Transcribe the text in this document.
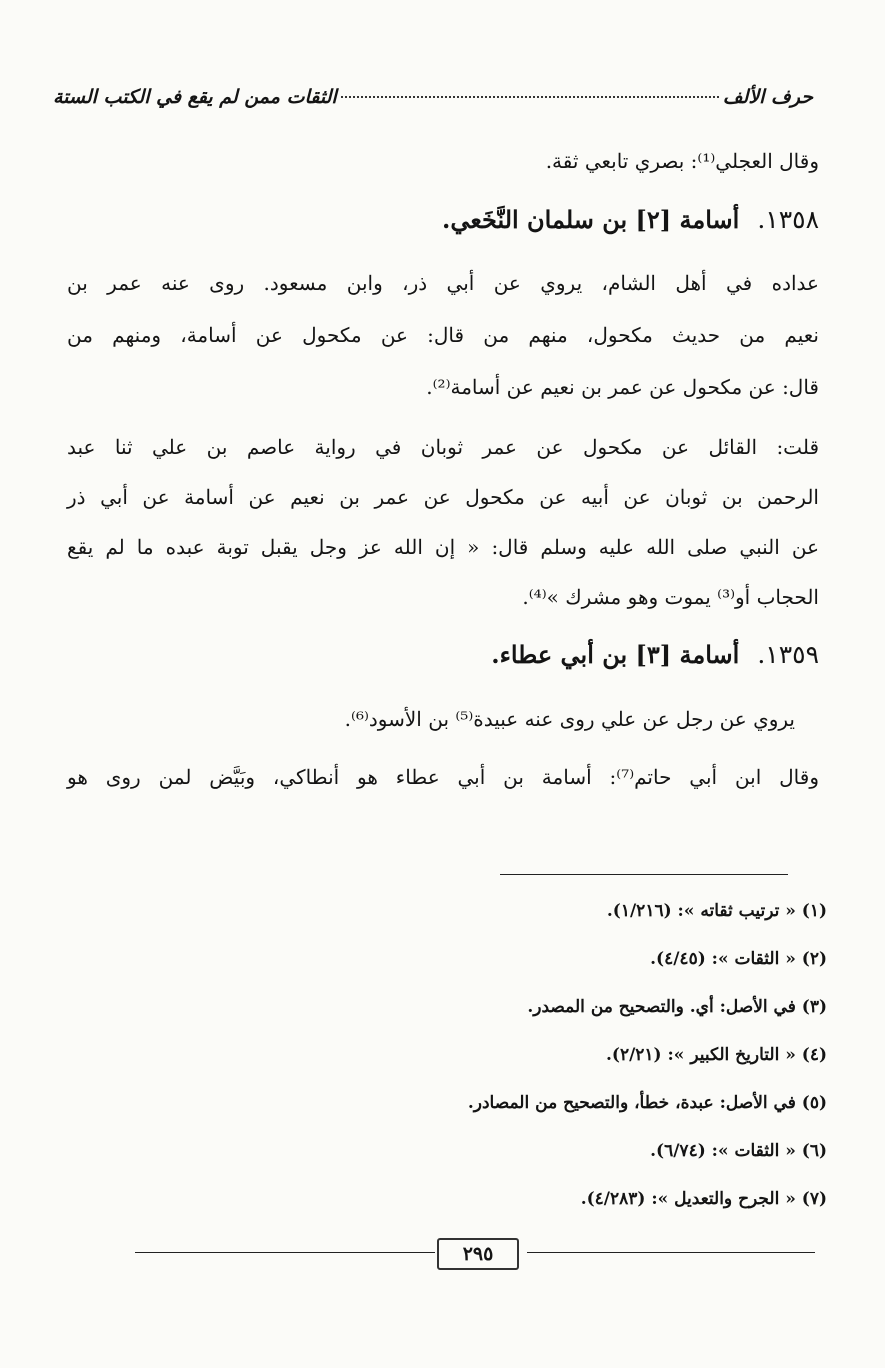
حرف الألف
الثقات ممن لم يقع في الكتب الستة
وقال العجلي⁽¹⁾: بصري تابعي ثقة.
١٣٥٨.أسامة [٢] بن سلمان النَّخَعي.
عداده في أهل الشام، يروي عن أبي ذر، وابن مسعود. روى عنه عمر بن
نعيم من حديث مكحول، منهم من قال: عن مكحول عن أسامة، ومنهم من
قال: عن مكحول عن عمر بن نعيم عن أسامة⁽²⁾.
قلت: القائل عن مكحول عن عمر ثوبان في رواية عاصم بن علي ثنا عبد
الرحمن بن ثوبان عن أبيه عن مكحول عن عمر بن نعيم عن أسامة عن أبي ذر
عن النبي صلى الله عليه وسلم قال: « إن الله عز وجل يقبل توبة عبده ما لم يقع
الحجاب أو⁽³⁾ يموت وهو مشرك »⁽⁴⁾.
١٣٥٩.أسامة [٣] بن أبي عطاء.
يروي عن رجل عن علي روى عنه عبيدة⁽⁵⁾ بن الأسود⁽⁶⁾.
وقال ابن أبي حاتم⁽⁷⁾: أسامة بن أبي عطاء هو أنطاكي، وبَيَّض لمن روى هو
(١) « ترتيب ثقاته »: (١/٢١٦).
(٢) « الثقات »: (٤/٤٥).
(٣) في الأصل: أي. والتصحيح من المصدر.
(٤) « التاريخ الكبير »: (٢/٢١).
(٥) في الأصل: عبدة، خطأ، والتصحيح من المصادر.
(٦) « الثقات »: (٦/٧٤).
(٧) « الجرح والتعديل »: (٤/٢٨٣).
٢٩٥
